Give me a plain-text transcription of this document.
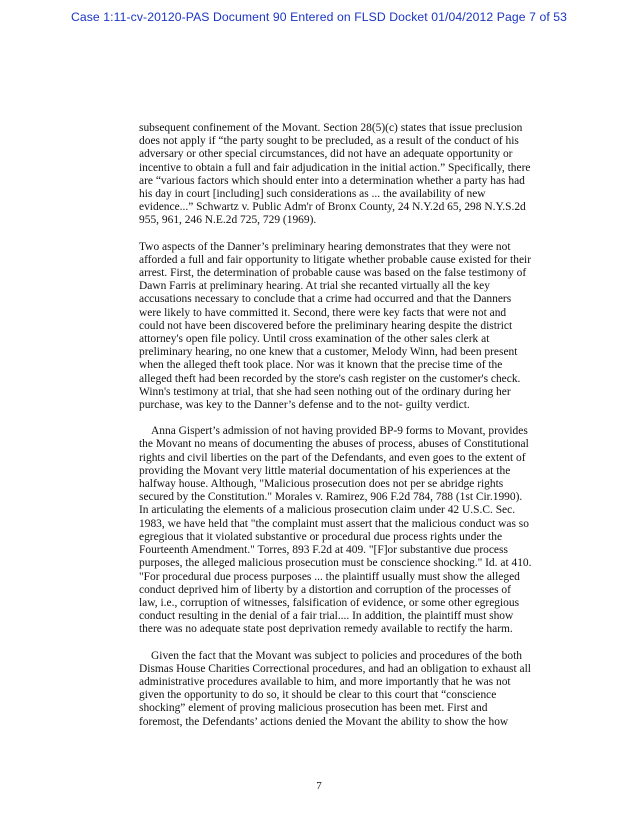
Case 1:11-cv-20120-PAS Document 90 Entered on FLSD Docket 01/04/2012 Page 7 of 53

subsequent confinement of the Movant. Section 28(5)(c) states that issue preclusion does not apply if “the party sought to be precluded, as a result of the conduct of his adversary or other special circumstances, did not have an adequate opportunity or incentive to obtain a full and fair adjudication in the initial action.” Specifically, there are “various factors which should enter into a determination whether a party has had his day in court [including] such considerations as ... the availability of new evidence...” Schwartz v. Public Adm'r of Bronx County, 24 N.Y.2d 65, 298 N.Y.S.2d 955, 961, 246 N.E.2d 725, 729 (1969).

Two aspects of the Danner’s preliminary hearing demonstrates that they were not afforded a full and fair opportunity to litigate whether probable cause existed for their arrest. First, the determination of probable cause was based on the false testimony of Dawn Farris at preliminary hearing. At trial she recanted virtually all the key accusations necessary to conclude that a crime had occurred and that the Danners were likely to have committed it. Second, there were key facts that were not and could not have been discovered before the preliminary hearing despite the district attorney's open file policy. Until cross examination of the other sales clerk at preliminary hearing, no one knew that a customer, Melody Winn, had been present when the alleged theft took place. Nor was it known that the precise time of the alleged theft had been recorded by the store's cash register on the customer's check. Winn's testimony at trial, that she had seen nothing out of the ordinary during her purchase, was key to the Danner’s defense and to the not- guilty verdict.

Anna Gispert’s admission of not having provided BP-9 forms to Movant, provides the Movant no means of documenting the abuses of process, abuses of Constitutional rights and civil liberties on the part of the Defendants, and even goes to the extent of providing the Movant very little material documentation of his experiences at the halfway house. Although, "Malicious prosecution does not per se abridge rights secured by the Constitution." Morales v. Ramirez, 906 F.2d 784, 788 (1st Cir.1990). In articulating the elements of a malicious prosecution claim under 42 U.S.C. Sec. 1983, we have held that "the complaint must assert that the malicious conduct was so egregious that it violated substantive or procedural due process rights under the Fourteenth Amendment." Torres, 893 F.2d at 409. "[F]or substantive due process purposes, the alleged malicious prosecution must be conscience shocking." Id. at 410. "For procedural due process purposes ... the plaintiff usually must show the alleged conduct deprived him of liberty by a distortion and corruption of the processes of law, i.e., corruption of witnesses, falsification of evidence, or some other egregious conduct resulting in the denial of a fair trial.... In addition, the plaintiff must show there was no adequate state post deprivation remedy available to rectify the harm.

Given the fact that the Movant was subject to policies and procedures of the both Dismas House Charities Correctional procedures, and had an obligation to exhaust all administrative procedures available to him, and more importantly that he was not given the opportunity to do so, it should be clear to this court that “conscience shocking” element of proving malicious prosecution has been met. First and foremost, the Defendants’ actions denied the Movant the ability to show the how

7
